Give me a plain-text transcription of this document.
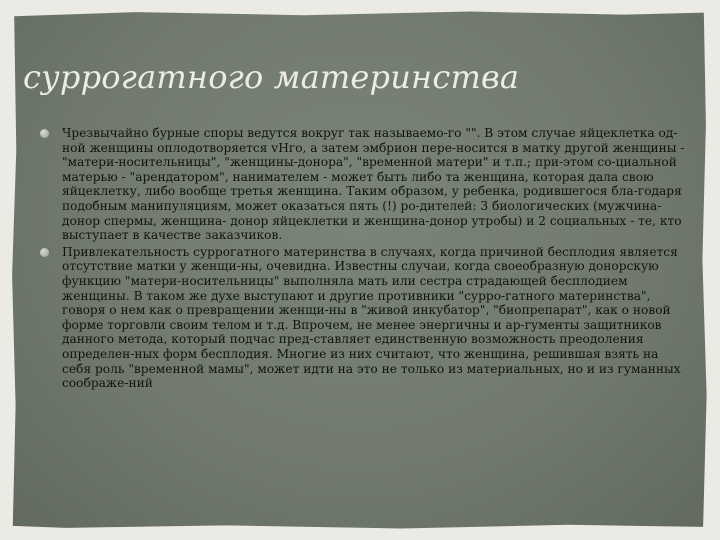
суррогатного материнства
Чрезвычайно бурные споры ведутся вокруг так называемо-го "". В этом случае яйцеклетка од-ной женщины оплодотворяется vНго, а затем эмбрион пере-носится в матку другой женщины - "матери-носительницы", "женщины-донора", "временной матери" и т.п.; при-этом со-циальной матерью - "арендатором", нанимателем - может быть либо та женщина, которая дала свою яйцеклетку, либо вообще третья женщина. Таким образом, у ребенка, родившегося бла-годаря подобным манипуляциям, может оказаться пять (!) ро-дителей: 3 биологических (мужчина-донор спермы, женщина- донор яйцеклетки и женщина-донор утробы) и 2 социальных - те, кто выступает в качестве заказчиков.
Привлекательность суррогатного материнства в случаях, когда причиной бесплодия является отсутствие матки у женщи-ны, очевидна. Известны случаи, когда своеобразную донорскую функцию "матери-носительницы" выполняла мать или сестра страдающей бесплодием женщины. В таком же духе выступают и другие противники "сурро-гатного материнства", говоря о нем как о превращении женщи-ны в "живой инкубатор", "биопрепарат", как о новой форме торговли своим телом и т.д. Впрочем, не менее энергичны и ар-гументы защитников данного метода, который подчас пред-ставляет единственную возможность преодоления определен-ных форм бесплодия. Многие из них считают, что женщина, решившая взять на себя роль "временной мамы", может идти на это не только из материальных, но и из гуманных соображе-ний
